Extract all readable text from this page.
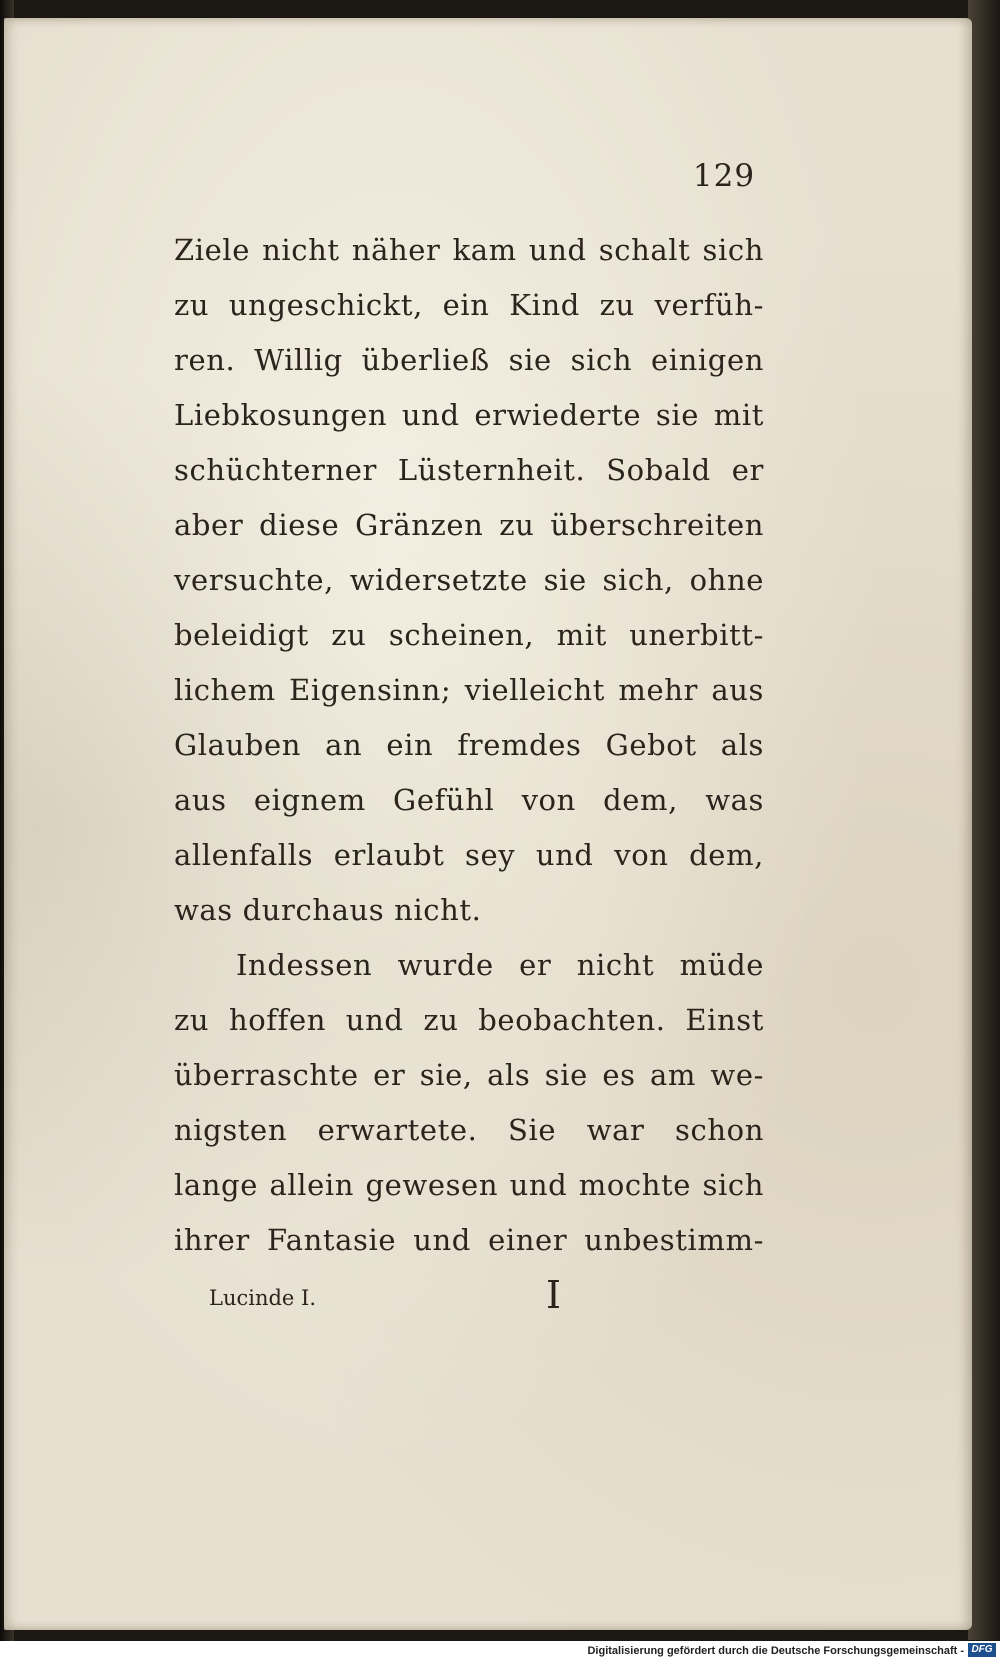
129
Ziele nicht näher kam und schalt sich
zu ungeschickt, ein Kind zu verfüh-
ren. Willig überließ sie sich einigen
Liebkosungen und erwiederte sie mit
schüchterner Lüsternheit. Sobald er
aber diese Gränzen zu überschreiten
versuchte, widersetzte sie sich, ohne
beleidigt zu scheinen, mit unerbitt-
lichem Eigensinn; vielleicht mehr aus
Glauben an ein fremdes Gebot als
aus eignem Gefühl von dem, was
allenfalls erlaubt sey und von dem,
was durchaus nicht.
Indessen wurde er nicht müde
zu hoffen und zu beobachten. Einst
überraschte er sie, als sie es am we-
nigsten erwartete. Sie war schon
lange allein gewesen und mochte sich
ihrer Fantasie und einer unbestimm-
Lucinde I.	I
Digitalisierung gefördert durch die Deutsche Forschungsgemeinschaft - DFG
